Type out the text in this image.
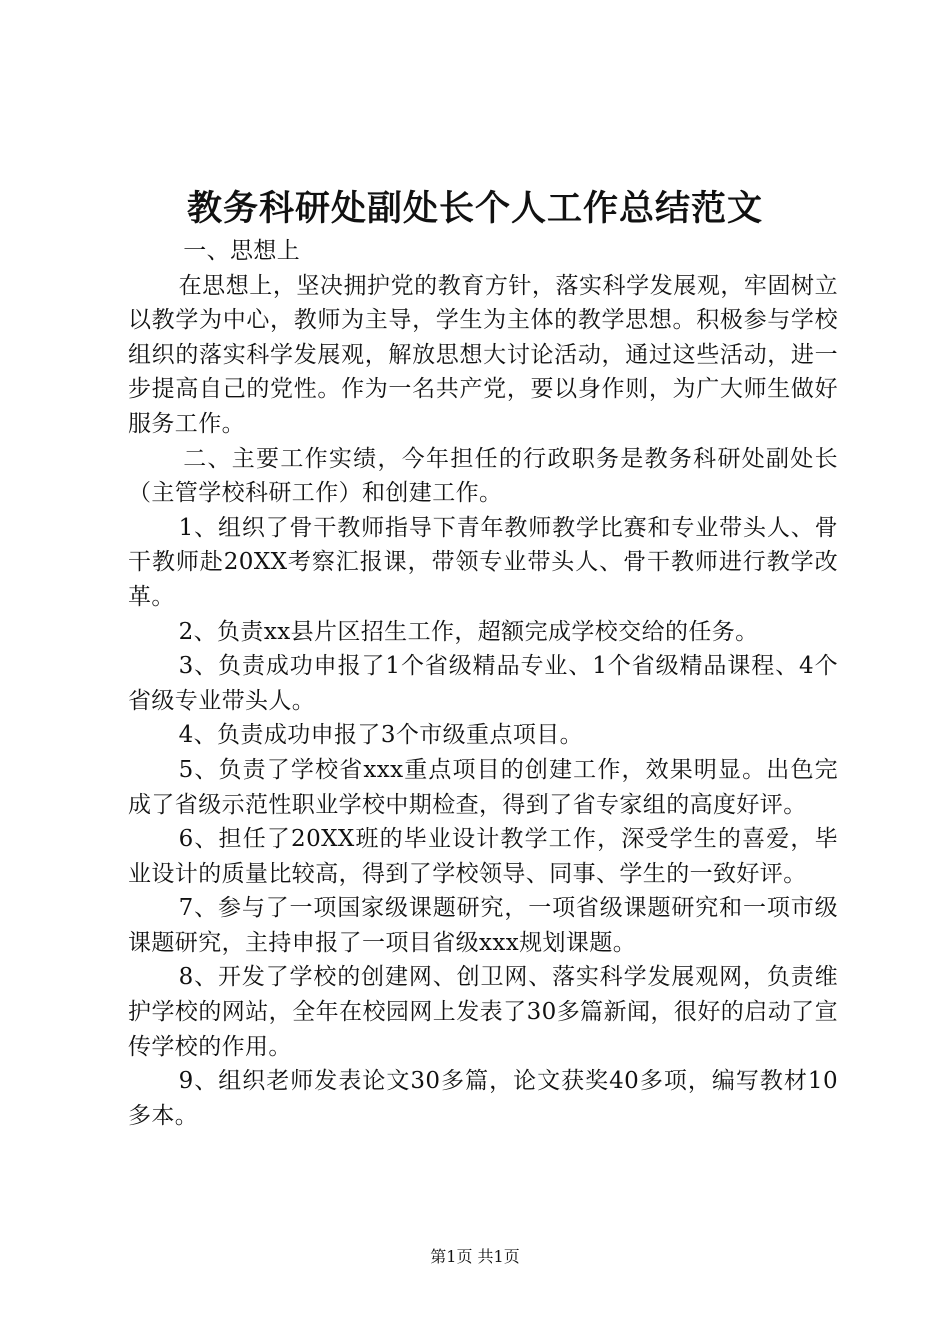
教务科研处副处长个人工作总结范文

一、思想上

在思想上，坚决拥护党的教育方针，落实科学发展观，牢固树立以教学为中心，教师为主导，学生为主体的教学思想。积极参与学校组织的落实科学发展观，解放思想大讨论活动，通过这些活动，进一步提高自己的党性。作为一名共产党，要以身作则，为广大师生做好服务工作。

二、主要工作实绩，今年担任的行政职务是教务科研处副处长（主管学校科研工作）和创建工作。

1、组织了骨干教师指导下青年教师教学比赛和专业带头人、骨干教师赴20XX考察汇报课，带领专业带头人、骨干教师进行教学改革。

2、负责xx县片区招生工作，超额完成学校交给的任务。

3、负责成功申报了1个省级精品专业、1个省级精品课程、4个省级专业带头人。

4、负责成功申报了3个市级重点项目。

5、负责了学校省xxx重点项目的创建工作，效果明显。出色完成了省级示范性职业学校中期检查，得到了省专家组的高度好评。

6、担任了20XX班的毕业设计教学工作，深受学生的喜爱，毕业设计的质量比较高，得到了学校领导、同事、学生的一致好评。

7、参与了一项国家级课题研究，一项省级课题研究和一项市级课题研究，主持申报了一项目省级xxx规划课题。

8、开发了学校的创建网、创卫网、落实科学发展观网，负责维护学校的网站，全年在校园网上发表了30多篇新闻，很好的启动了宣传学校的作用。

9、组织老师发表论文30多篇，论文获奖40多项，编写教材10多本。

第1页 共1页
